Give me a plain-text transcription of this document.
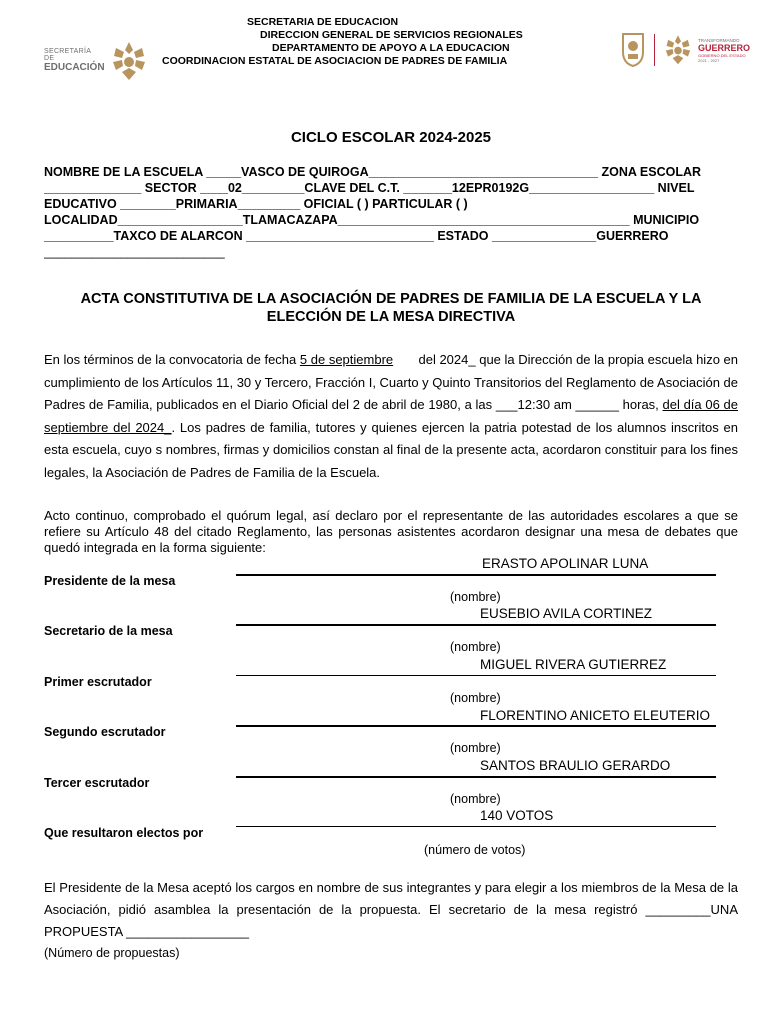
SECRETARÍA DE
EDUCACIÓN
SECRETARIA DE EDUCACION
DIRECCION GENERAL DE SERVICIOS REGIONALES
DEPARTAMENTO DE APOYO A LA EDUCACION
COORDINACION ESTATAL DE ASOCIACION DE PADRES DE FAMILIA
TRANSFORMANDO
GUERRERO
GOBIERNO DEL ESTADO
2021 - 2027
CICLO ESCOLAR 2024-2025
NOMBRE DE LA ESCUELA _____VASCO DE QUIROGA_________________________________ ZONA ESCOLAR
______________ SECTOR ____02_________CLAVE DEL C.T. _______12EPR0192G__________________ NIVEL
EDUCATIVO ________PRIMARIA_________ OFICIAL ( ) PARTICULAR ( )
LOCALIDAD__________________TLAMACAZAPA__________________________________________ MUNICIPIO
__________TAXCO DE ALARCON ___________________________ ESTADO _______________GUERRERO
__________________________
ACTA CONSTITUTIVA DE LA ASOCIACIÓN DE PADRES DE FAMILIA DE LA ESCUELA Y LA
ELECCIÓN DE LA MESA DIRECTIVA
En los términos de la convocatoria de fecha 5 de septiembre       del 2024_ que la Dirección de la propia escuela hizo en cumplimiento de los Artículos 11, 30 y Tercero, Fracción I, Cuarto y Quinto Transitorios del Reglamento de Asociación de Padres de Familia, publicados en el Diario Oficial del 2 de abril de 1980, a las ___12:30 am ______ horas, del día 06 de septiembre del 2024_. Los padres de familia, tutores y quienes ejercen la patria potestad de los alumnos inscritos en esta escuela, cuyo s nombres, firmas y domicilios constan al final de la presente acta, acordaron constituir para los fines legales, la Asociación de Padres de Familia de la Escuela.
Acto continuo, comprobado el quórum legal, así declaro por el representante de las autoridades escolares a que se refiere su Artículo 48 del citado Reglamento, las personas asistentes acordaron designar una mesa de debates que quedó integrada en la forma siguiente:
ERASTO APOLINAR LUNA
Presidente de la mesa
(nombre)
EUSEBIO AVILA CORTINEZ
Secretario de la mesa
(nombre)
MIGUEL RIVERA GUTIERREZ
Primer escrutador
(nombre)
FLORENTINO ANICETO ELEUTERIO
Segundo escrutador
(nombre)
SANTOS BRAULIO GERARDO
Tercer escrutador
(nombre)
140 VOTOS
Que resultaron electos por
(número de votos)
El Presidente de la Mesa aceptó los cargos en nombre de sus integrantes y para elegir a los miembros de la Mesa de la Asociación, pidió asamblea la presentación de la propuesta. El secretario de la mesa registró _________UNA PROPUESTA _________________
(Número de propuestas)
